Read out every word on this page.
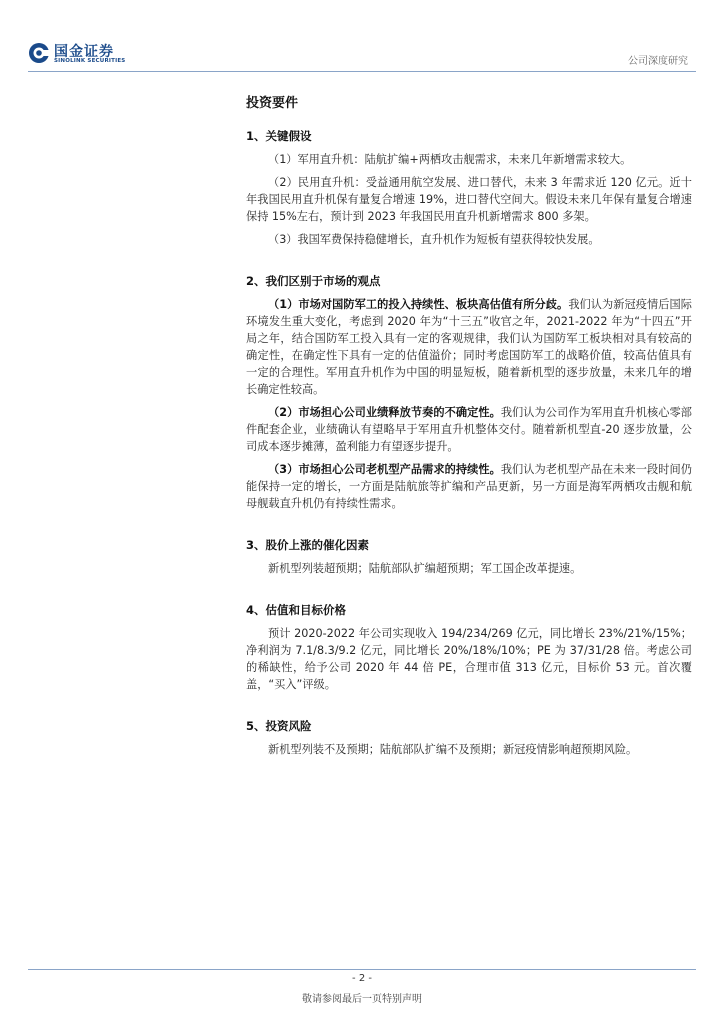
国金证券
SINOLINK SECURITIES	公司深度研究
投资要件
1、关键假设

（1）军用直升机：陆航扩编+两栖攻击舰需求，未来几年新增需求较大。

（2）民用直升机：受益通用航空发展、进口替代，未来 3 年需求近 120 亿元。近十年我国民用直升机保有量复合增速 19%，进口替代空间大。假设未来几年保有量复合增速保持 15%左右，预计到 2023 年我国民用直升机新增需求 800 多架。

（3）我国军费保持稳健增长，直升机作为短板有望获得较快发展。

2、我们区别于市场的观点

（1）市场对国防军工的投入持续性、板块高估值有所分歧。我们认为新冠疫情后国际环境发生重大变化，考虑到 2020 年为“十三五”收官之年，2021-2022 年为“十四五”开局之年，结合国防军工投入具有一定的客观规律，我们认为国防军工板块相对具有较高的确定性，在确定性下具有一定的估值溢价；同时考虑国防军工的战略价值，较高估值具有一定的合理性。军用直升机作为中国的明显短板，随着新机型的逐步放量，未来几年的增长确定性较高。

（2）市场担心公司业绩释放节奏的不确定性。我们认为公司作为军用直升机核心零部件配套企业，业绩确认有望略早于军用直升机整体交付。随着新机型直-20 逐步放量，公司成本逐步摊薄，盈利能力有望逐步提升。

（3）市场担心公司老机型产品需求的持续性。我们认为老机型产品在未来一段时间仍能保持一定的增长，一方面是陆航旅等扩编和产品更新，另一方面是海军两栖攻击舰和航母舰载直升机仍有持续性需求。

3、股价上涨的催化因素

新机型列装超预期；陆航部队扩编超预期；军工国企改革提速。

4、估值和目标价格

预计 2020-2022 年公司实现收入 194/234/269 亿元，同比增长 23%/21%/15%；净利润为 7.1/8.3/9.2 亿元，同比增长 20%/18%/10%；PE 为 37/31/28 倍。考虑公司的稀缺性，给予公司 2020 年 44 倍 PE，合理市值 313 亿元，目标价 53 元。首次覆盖，“买入”评级。

5、投资风险

新机型列装不及预期；陆航部队扩编不及预期；新冠疫情影响超预期风险。

- 2 -
敬请参阅最后一页特别声明
